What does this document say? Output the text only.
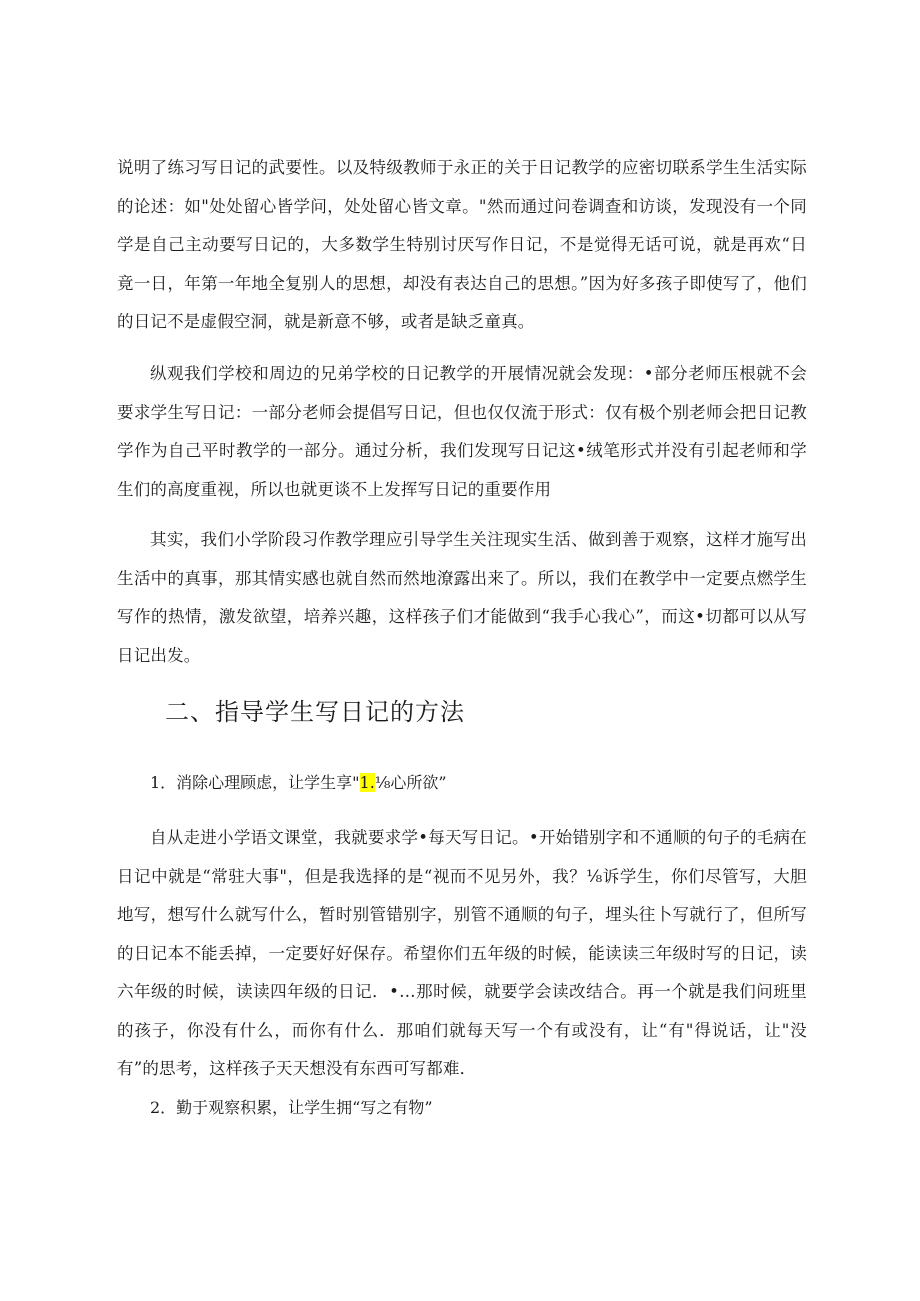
说明了练习写日记的武要性。以及特级教师于永正的关于日记教学的应密切联系学生生活实际的论述：如"处处留心皆学问，处处留心皆文章。"然而通过问卷调查和访谈，发现没有一个同学是自己主动要写日记的，大多数学生特别讨厌写作日记，不是觉得无话可说，就是再欢“日竟一日，年第一年地全复别人的思想，却没有表达自己的思想。”因为好多孩子即使写了，他们的日记不是虚假空洞，就是新意不够，或者是缺乏童真。

纵观我们学校和周边的兄弟学校的日记教学的开展情况就会发现：•部分老师压根就不会要求学生写日记：一部分老师会提倡写日记，但也仅仅流于形式：仅有极个别老师会把日记教学作为自己平时教学的一部分。通过分析，我们发现写日记这•绒笔形式并没有引起老师和学生们的高度重视，所以也就更谈不上发挥写日记的重要作用

其实，我们小学阶段习作教学理应引导学生关注现实生活、做到善于观察，这样才施写出生活中的真事，那其情实感也就自然而然地潦露出来了。所以，我们在教学中一定要点燃学生写作的热情，激发欲望，培养兴趣，这样孩子们才能做到“我手心我心”，而这•切都可以从写日记出发。

二、指导学生写日记的方法

1．消除心理顾虑，让学生享"1.⅛心所欲”

自从走进小学语文课堂，我就要求学•每天写日记。•开始错别字和不通顺的句子的毛病在日记中就是“常驻大事"，但是我选择的是“视而不见另外，我？⅛诉学生，你们尽管写，大胆地写，想写什么就写什么，暂时别管错别字，别管不通顺的句子，埋头往卜写就行了，但所写的日记本不能丢掉，一定要好好保存。希望你们五年级的时候，能读读三年级时写的日记，读六年级的时候，读读四年级的日记．•…那时候，就要学会读改结合。再一个就是我们问班里的孩子，你没有什么，而你有什么．那咱们就每天写一个有或没有，让“有"得说话，让"没有”的思考，这样孩子天天想没有东西可写都难．

2．勤于观察积累，让学生拥“写之有物”
